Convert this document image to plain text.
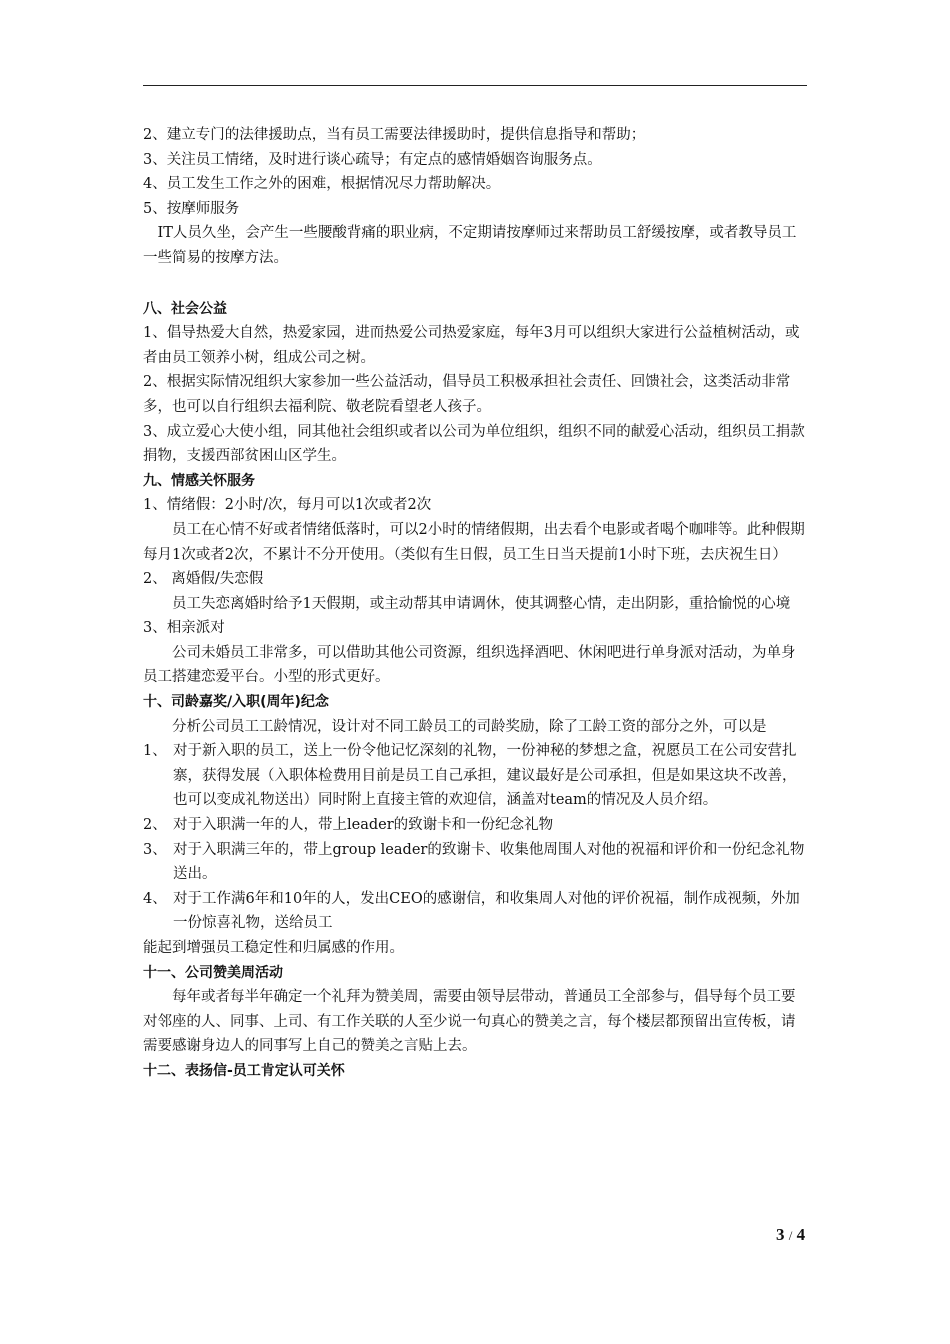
2、建立专门的法律援助点，当有员工需要法律援助时，提供信息指导和帮助；

3、关注员工情绪，及时进行谈心疏导；有定点的感情婚姻咨询服务点。

4、员工发生工作之外的困难，根据情况尽力帮助解决。

5、按摩师服务

IT人员久坐，会产生一些腰酸背痛的职业病，不定期请按摩师过来帮助员工舒缓按摩，或者教导员工一些简易的按摩方法。

八、社会公益

1、倡导热爱大自然，热爱家园，进而热爱公司热爱家庭，每年3月可以组织大家进行公益植树活动，或者由员工领养小树，组成公司之树。

2、根据实际情况组织大家参加一些公益活动，倡导员工积极承担社会责任、回馈社会，这类活动非常多，也可以自行组织去福利院、敬老院看望老人孩子。

3、成立爱心大使小组，同其他社会组织或者以公司为单位组织，组织不同的献爱心活动，组织员工捐款捐物，支援西部贫困山区学生。

九、情感关怀服务

1、情绪假：2小时/次，每月可以1次或者2次

员工在心情不好或者情绪低落时，可以2小时的情绪假期，出去看个电影或者喝个咖啡等。此种假期每月1次或者2次，不累计不分开使用。（类似有生日假，员工生日当天提前1小时下班，去庆祝生日）

2、 离婚假/失恋假

员工失恋离婚时给予1天假期，或主动帮其申请调休，使其调整心情，走出阴影，重拾愉悦的心境

3、相亲派对

公司未婚员工非常多，可以借助其他公司资源，组织选择酒吧、休闲吧进行单身派对活动，为单身员工搭建恋爱平台。小型的形式更好。

十、司龄嘉奖/入职(周年)纪念

分析公司员工工龄情况，设计对不同工龄员工的司龄奖励，除了工龄工资的部分之外，可以是

1、 对于新入职的员工，送上一份令他记忆深刻的礼物，一份神秘的梦想之盒，祝愿员工在公司安营扎寨，获得发展（入职体检费用目前是员工自己承担，建议最好是公司承担，但是如果这块不改善，也可以变成礼物送出）同时附上直接主管的欢迎信，涵盖对team的情况及人员介绍。
2、 对于入职满一年的人，带上leader的致谢卡和一份纪念礼物
3、 对于入职满三年的，带上group leader的致谢卡、收集他周围人对他的祝福和评价和一份纪念礼物送出。
4、 对于工作满6年和10年的人，发出CEO的感谢信，和收集周人对他的评价祝福，制作成视频，外加一份惊喜礼物，送给员工

能起到增强员工稳定性和归属感的作用。

十一、公司赞美周活动

每年或者每半年确定一个礼拜为赞美周，需要由领导层带动，普通员工全部参与，倡导每个员工要对邻座的人、同事、上司、有工作关联的人至少说一句真心的赞美之言，每个楼层都预留出宣传板，请需要感谢身边人的同事写上自己的赞美之言贴上去。

十二、表扬信-员工肯定认可关怀

3 / 4
